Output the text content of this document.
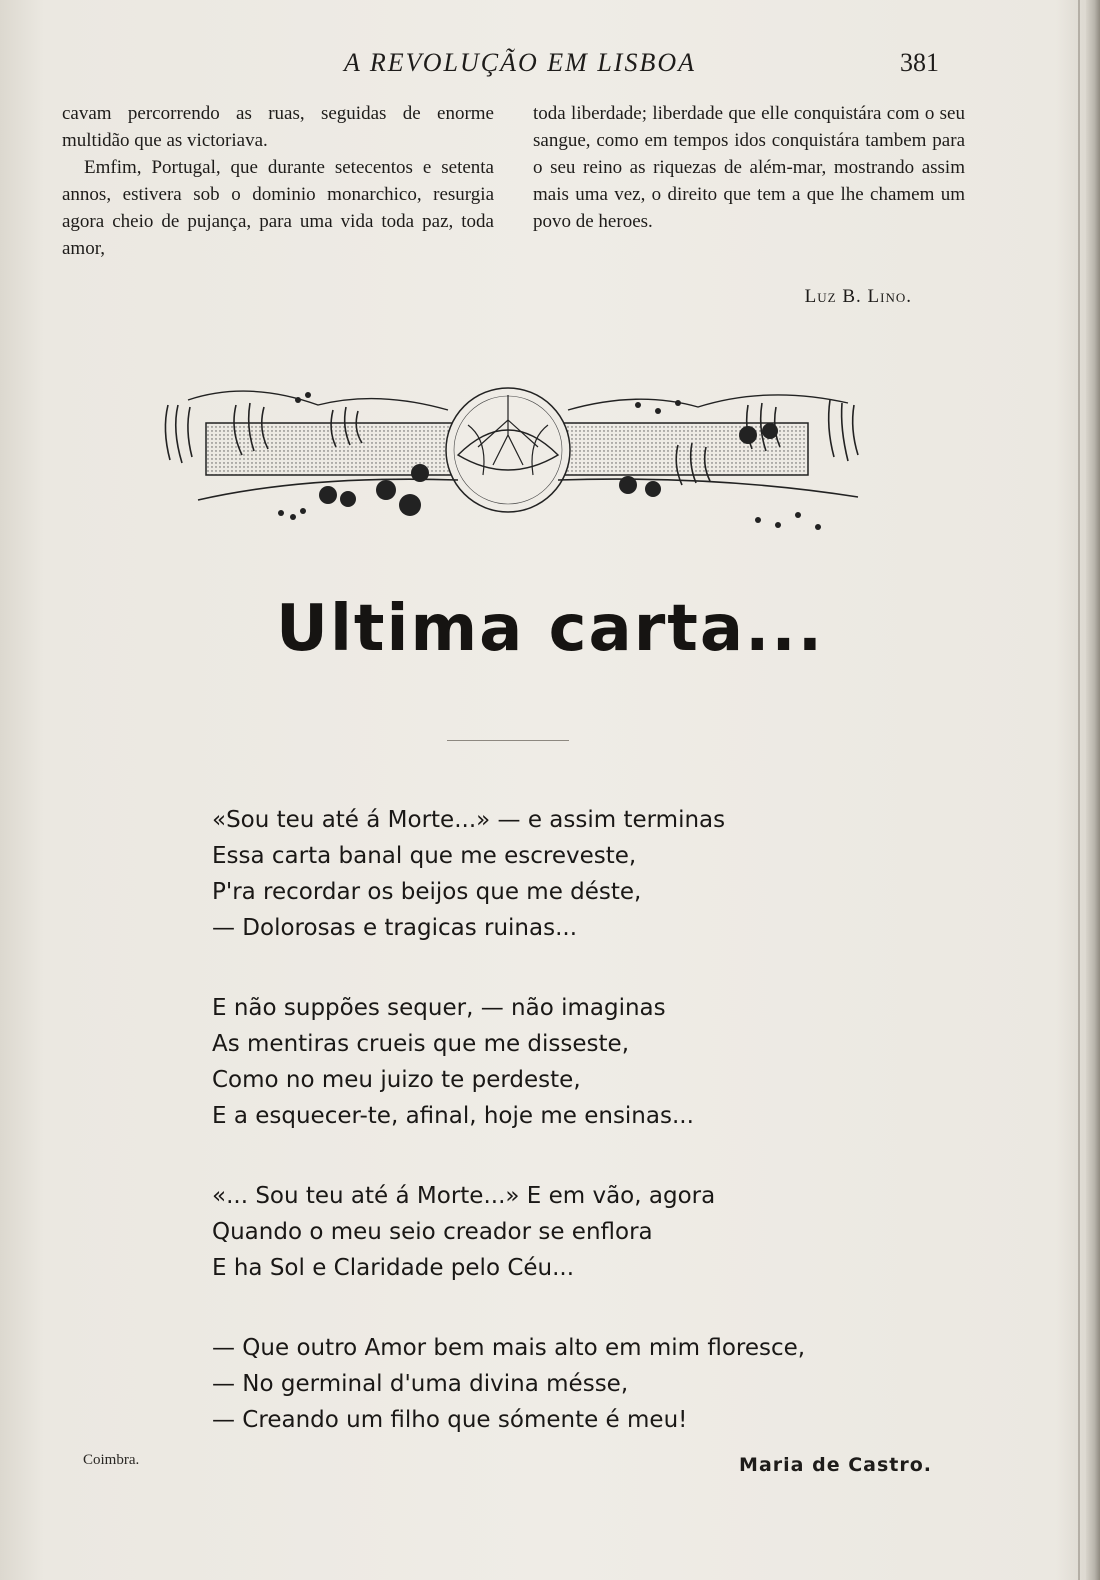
A REVOLUÇÃO EM LISBOA	381

cavam percorrendo as ruas, seguidas de enorme multidão que as victoriava.

Emfim, Portugal, que durante setecentos e setenta annos, estivera sob o dominio monarchico, resurgia agora cheio de pujança, para uma vida toda paz, toda amor,

toda liberdade; liberdade que elle conquistára com o seu sangue, como em tempos idos conquistára tambem para o seu reino as riquezas de além-mar, mostrando assim mais uma vez, o direito que tem a que lhe chamem um povo de heroes.

Luz B. Lino.
Ultima carta...
«Sou teu até á Morte...» — e assim terminas
Essa carta banal que me escreveste,
P'ra recordar os beijos que me déste,
— Dolorosas e tragicas ruinas...
E não suppões sequer, — não imaginas
As mentiras crueis que me disseste,
Como no meu juizo te perdeste,
E a esquecer-te, afinal, hoje me ensinas...
«... Sou teu até á Morte...» E em vão, agora
Quando o meu seio creador se enflora
E ha Sol e Claridade pelo Céu...
— Que outro Amor bem mais alto em mim floresce,
— No germinal d'uma divina mésse,
— Creando um filho que sómente é meu!
Coimbra.	Maria de Castro.
